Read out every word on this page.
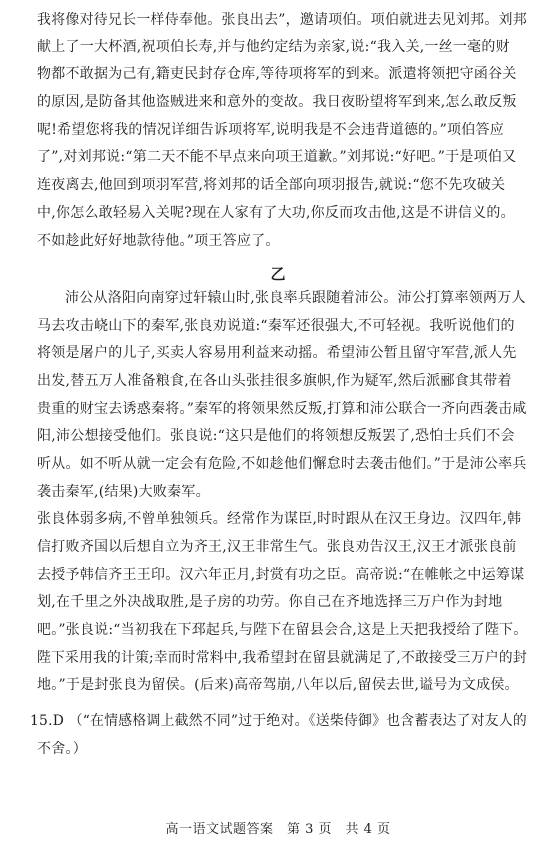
我将像对待兄长一样侍奉他。张良出去”，邀请项伯。项伯就进去见刘邦。刘邦
献上了一大杯酒,祝项伯长寿,并与他约定结为亲家,说:“我入关,一丝一毫的财
物都不敢据为己有,籍吏民封存仓库,等待项将军的到来。派遣将领把守函谷关
的原因,是防备其他盗贼进来和意外的变故。我日夜盼望将军到来,怎么敢反叛
呢!希望您将我的情况详细告诉项将军,说明我是不会违背道德的。”项伯答应
了”,对刘邦说:“第二天不能不早点来向项王道歉。”刘邦说:“好吧。”于是项伯又
连夜离去,他回到项羽军营,将刘邦的话全部向项羽报告,就说:“您不先攻破关
中,你怎么敢轻易入关呢?现在人家有了大功,你反而攻击他,这是不讲信义的。
不如趁此好好地款待他。”项王答应了。
乙
沛公从洛阳向南穿过轩辕山时,张良率兵跟随着沛公。沛公打算率领两万人
马去攻击峣山下的秦军,张良劝说道:“秦军还很强大,不可轻视。我听说他们的
将领是屠户的儿子,买卖人容易用利益来动摇。希望沛公暂且留守军营,派人先
出发,替五万人准备粮食,在各山头张挂很多旗帜,作为疑军,然后派郦食其带着
贵重的财宝去诱惑秦将。”秦军的将领果然反叛,打算和沛公联合一齐向西袭击咸
阳,沛公想接受他们。张良说:“这只是他们的将领想反叛罢了,恐怕士兵们不会
听从。如不听从就一定会有危险,不如趁他们懈怠时去袭击他们。”于是沛公率兵
袭击秦军,(结果)大败秦军。
张良体弱多病,不曾单独领兵。经常作为谋臣,时时跟从在汉王身边。汉四年,韩
信打败齐国以后想自立为齐王,汉王非常生气。张良劝告汉王,汉王才派张良前
去授予韩信齐王王印。汉六年正月,封赏有功之臣。高帝说:“在帷帐之中运筹谋
划,在千里之外决战取胜,是子房的功劳。你自己在齐地选择三万户作为封地
吧。”张良说:“当初我在下邳起兵,与陛下在留县会合,这是上天把我授给了陛下。
陛下采用我的计策;幸而时常料中,我希望封在留县就满足了,不敢接受三万户的封
地。”于是封张良为留侯。(后来)高帝驾崩,八年以后,留侯去世,谥号为文成侯。
15.D （“在情感格调上截然不同”过于绝对。《送柴侍御》也含蓄表达了对友人的
不舍。）
高一语文试题答案　第 3 页　共 4 页
